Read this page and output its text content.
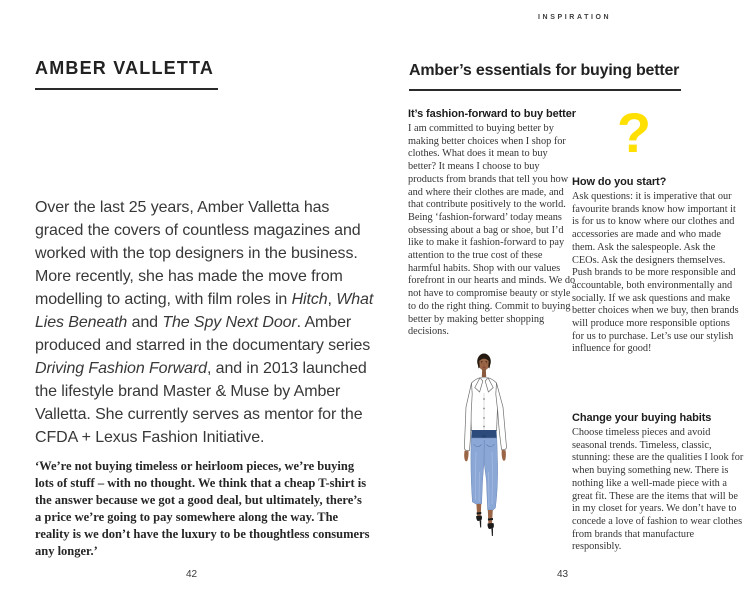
INSPIRATION
AMBER VALLETTA

Over the last 25 years, Amber Valletta has graced the covers of countless magazines and worked with the top designers in the business. More recently, she has made the move from modelling to acting, with film roles in Hitch, What Lies Beneath and The Spy Next Door. Amber produced and starred in the documentary series Driving Fashion Forward, and in 2013 launched the lifestyle brand Master & Muse by Amber Valletta. She currently serves as mentor for the CFDA + Lexus Fashion Initiative.

‘We’re not buying timeless or heirloom pieces, we’re buying lots of stuff – with no thought. We think that a cheap T-shirt is the answer because we got a good deal, but ultimately, there’s a price we’re going to pay somewhere along the way. The reality is we don’t have the luxury to be thoughtless consumers any longer.’

42
Amber’s essentials for buying better
?
It’s fashion-forward to buy better

I am committed to buying better by making better choices when I shop for clothes. What does it mean to buy better? It means I choose to buy products from brands that tell you how and where their clothes are made, and that contribute positively to the world. Being ‘fashion-forward’ today means obsessing about a bag or shoe, but I’d like to make it fashion-forward to pay attention to the true cost of these harmful habits. Shop with our values forefront in our hearts and minds. We do not have to compromise beauty or style to do the right thing. Commit to buying better by making better shopping decisions.

How do you start?

Ask questions: it is imperative that our favourite brands know how important it is for us to know where our clothes and accessories are made and who made them. Ask the salespeople. Ask the CEOs. Ask the designers themselves. Push brands to be more responsible and accountable, both environmentally and socially. If we ask questions and make better choices when we buy, then brands will produce more responsible options for us to purchase. Let’s use our stylish influence for good!

Change your buying habits

Choose timeless pieces and avoid seasonal trends. Timeless, classic, stunning: these are the qualities I look for when buying something new. There is nothing like a well-made piece with a great fit. These are the items that will be in my closet for years. We don’t have to concede a love of fashion to wear clothes from brands that manufacture responsibly.

43
